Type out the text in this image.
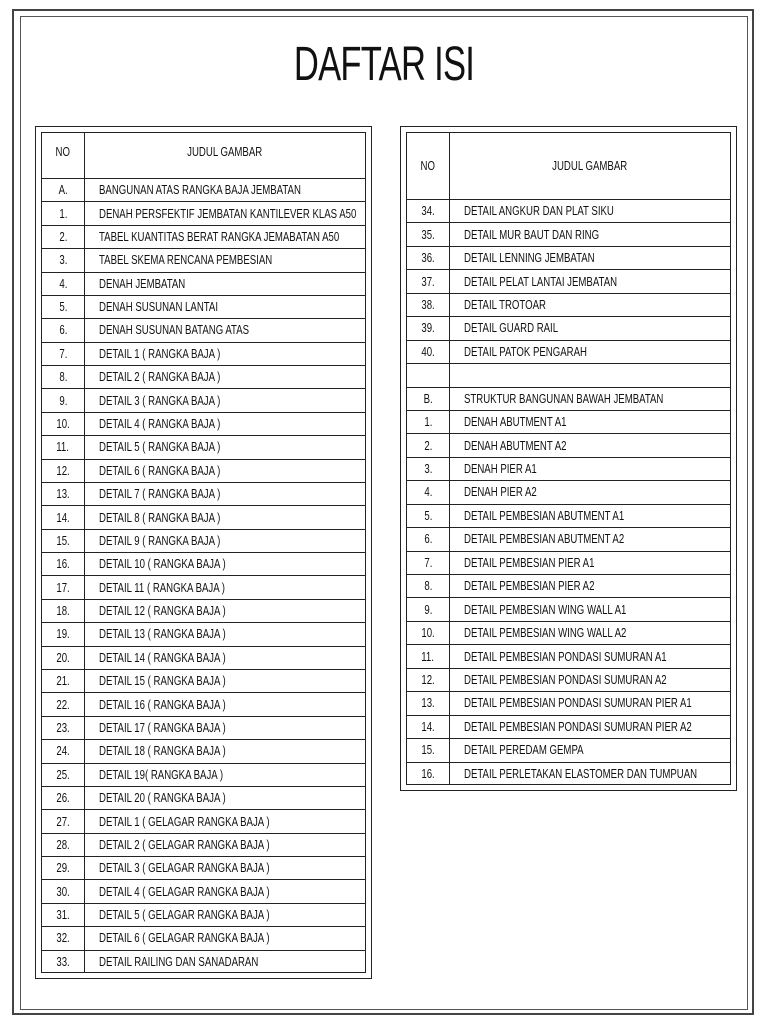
DAFTAR ISI
NO	JUDUL GAMBAR
A. BANGUNAN ATAS RANGKA BAJA JEMBATAN
1. DENAH PERSFEKTIF JEMBATAN KANTILEVER KLAS A50
2. TABEL KUANTITAS BERAT RANGKA JEMABATAN A50
3. TABEL SKEMA RENCANA PEMBESIAN
4. DENAH JEMBATAN
5. DENAH SUSUNAN LANTAI
6. DENAH SUSUNAN BATANG ATAS
7. DETAIL 1 ( RANGKA BAJA )
8. DETAIL 2 ( RANGKA BAJA )
9. DETAIL 3 ( RANGKA BAJA )
10. DETAIL 4 ( RANGKA BAJA )
11. DETAIL 5 ( RANGKA BAJA )
12. DETAIL 6 ( RANGKA BAJA )
13. DETAIL 7 ( RANGKA BAJA )
14. DETAIL 8 ( RANGKA BAJA )
15. DETAIL 9 ( RANGKA BAJA )
16. DETAIL 10 ( RANGKA BAJA )
17. DETAIL 11 ( RANGKA BAJA )
18. DETAIL 12 ( RANGKA BAJA )
19. DETAIL 13 ( RANGKA BAJA )
20. DETAIL 14 ( RANGKA BAJA )
21. DETAIL 15 ( RANGKA BAJA )
22. DETAIL 16 ( RANGKA BAJA )
23. DETAIL 17 ( RANGKA BAJA )
24. DETAIL 18 ( RANGKA BAJA )
25. DETAIL 19( RANGKA BAJA )
26. DETAIL 20 ( RANGKA BAJA )
27. DETAIL 1 ( GELAGAR RANGKA BAJA )
28. DETAIL 2 ( GELAGAR RANGKA BAJA )
29. DETAIL 3 ( GELAGAR RANGKA BAJA )
30. DETAIL 4 ( GELAGAR RANGKA BAJA )
31. DETAIL 5 ( GELAGAR RANGKA BAJA )
32. DETAIL 6 ( GELAGAR RANGKA BAJA )
33. DETAIL RAILING DAN SANADARAN
NO	JUDUL GAMBAR
34. DETAIL ANGKUR DAN PLAT SIKU
35. DETAIL MUR BAUT DAN RING
36. DETAIL LENNING JEMBATAN
37. DETAIL PELAT LANTAI JEMBATAN
38. DETAIL TROTOAR
39. DETAIL GUARD RAIL
40. DETAIL PATOK PENGARAH
B. STRUKTUR BANGUNAN BAWAH JEMBATAN
1. DENAH ABUTMENT A1
2. DENAH ABUTMENT A2
3. DENAH PIER A1
4. DENAH PIER A2
5. DETAIL PEMBESIAN ABUTMENT A1
6. DETAIL PEMBESIAN ABUTMENT A2
7. DETAIL PEMBESIAN PIER A1
8. DETAIL PEMBESIAN PIER A2
9. DETAIL PEMBESIAN WING WALL A1
10. DETAIL PEMBESIAN WING WALL A2
11. DETAIL PEMBESIAN PONDASI SUMURAN A1
12. DETAIL PEMBESIAN PONDASI SUMURAN A2
13. DETAIL PEMBESIAN PONDASI SUMURAN PIER A1
14. DETAIL PEMBESIAN PONDASI SUMURAN PIER A2
15. DETAIL PEREDAM GEMPA
16. DETAIL PERLETAKAN ELASTOMER DAN TUMPUAN
